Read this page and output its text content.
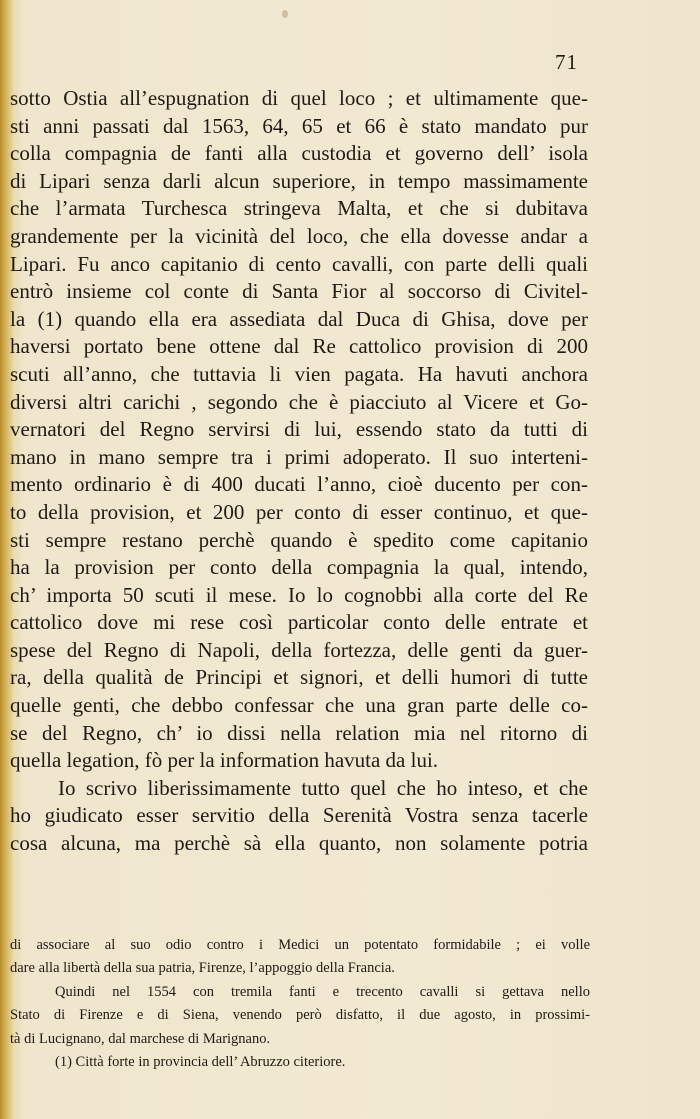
71
sotto Ostia all’espugnation di quel loco ; et ultimamente que-
sti anni passati dal 1563, 64, 65 et 66 è stato mandato pur
colla compagnia de fanti alla custodia et governo dell’ isola
di Lipari senza darli alcun superiore, in tempo massimamente
che l’armata Turchesca stringeva Malta, et che si dubitava
grandemente per la vicinità del loco, che ella dovesse andar a
Lipari. Fu anco capitanio di cento cavalli, con parte delli quali
entrò insieme col conte di Santa Fior al soccorso di Civitel-
la (1) quando ella era assediata dal Duca di Ghisa, dove per
haversi portato bene ottene dal Re cattolico provision di 200
scuti all’anno, che tuttavia li vien pagata. Ha havuti anchora
diversi altri carichi , segondo che è piacciuto al Vicere et Go-
vernatori del Regno servirsi di lui, essendo stato da tutti di
mano in mano sempre tra i primi adoperato. Il suo interteni-
mento ordinario è di 400 ducati l’anno, cioè ducento per con-
to della provision, et 200 per conto di esser continuo, et que-
sti sempre restano perchè quando è spedito come capitanio
ha la provision per conto della compagnia la qual, intendo,
ch’ importa 50 scuti il mese. Io lo cognobbi alla corte del Re
cattolico dove mi rese così particolar conto delle entrate et
spese del Regno di Napoli, della fortezza, delle genti da guer-
ra, della qualità de Principi et signori, et delli humori di tutte
quelle genti, che debbo confessar che una gran parte delle co-
se del Regno, ch’ io dissi nella relation mia nel ritorno di
quella legation, fò per la information havuta da lui.
Io scrivo liberissimamente tutto quel che ho inteso, et che
ho giudicato esser servitio della Serenità Vostra senza tacerle
cosa alcuna, ma perchè sà ella quanto, non solamente potria
di associare al suo odio contro i Medici un potentato formidabile ; ei volle
dare alla libertà della sua patria, Firenze, l’appoggio della Francia.
Quindi nel 1554 con tremila fanti e trecento cavalli si gettava nello
Stato di Firenze e di Siena, venendo però disfatto, il due agosto, in prossimi-
tà di Lucignano, dal marchese di Marignano.
(1) Città forte in provincia dell’ Abruzzo citeriore.
